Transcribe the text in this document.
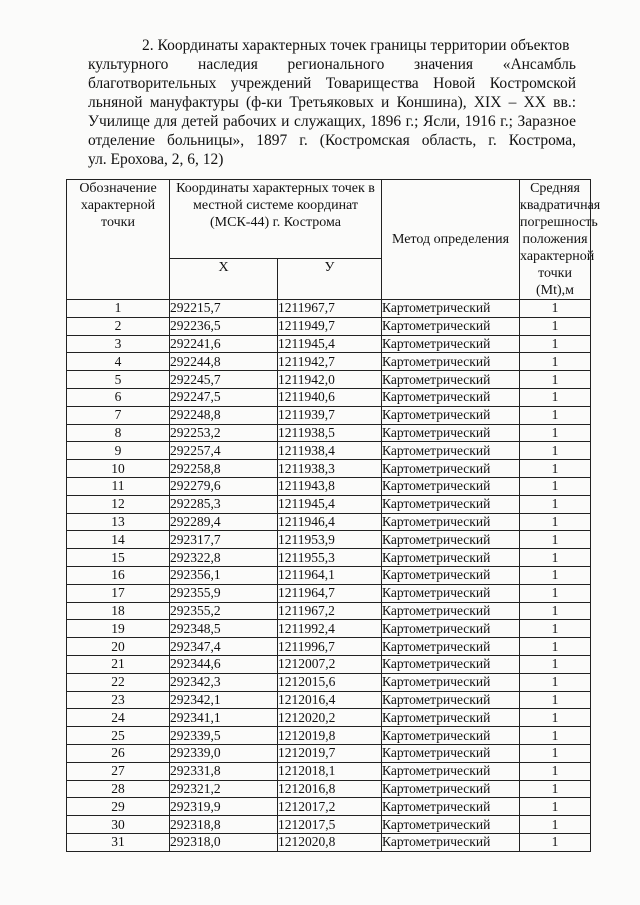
2. Координаты характерных точек границы территории объектов
культурного наследия регионального значения «Ансамбль
благотворительных учреждений Товарищества Новой Костромской
льняной мануфактуры (ф-ки Третьяковых и Коншина), XIX – XX вв.:
Училище для детей рабочих и служащих, 1896 г.; Ясли, 1916 г.; Заразное
отделение больницы», 1897 г. (Костромская область, г. Кострома,
ул. Ерохова, 2, 6, 12)
Обозначение характерной точки	Координаты характерных точек в местной системе координат (МСК-44) г. Кострома		Метод определения	Средняя квадратичная погрешность положения характерной точки (Mt),м
	Х	У		
1	292215,7	1211967,7	Картометрический	1
2	292236,5	1211949,7	Картометрический	1
3	292241,6	1211945,4	Картометрический	1
4	292244,8	1211942,7	Картометрический	1
5	292245,7	1211942,0	Картометрический	1
6	292247,5	1211940,6	Картометрический	1
7	292248,8	1211939,7	Картометрический	1
8	292253,2	1211938,5	Картометрический	1
9	292257,4	1211938,4	Картометрический	1
10	292258,8	1211938,3	Картометрический	1
11	292279,6	1211943,8	Картометрический	1
12	292285,3	1211945,4	Картометрический	1
13	292289,4	1211946,4	Картометрический	1
14	292317,7	1211953,9	Картометрический	1
15	292322,8	1211955,3	Картометрический	1
16	292356,1	1211964,1	Картометрический	1
17	292355,9	1211964,7	Картометрический	1
18	292355,2	1211967,2	Картометрический	1
19	292348,5	1211992,4	Картометрический	1
20	292347,4	1211996,7	Картометрический	1
21	292344,6	1212007,2	Картометрический	1
22	292342,3	1212015,6	Картометрический	1
23	292342,1	1212016,4	Картометрический	1
24	292341,1	1212020,2	Картометрический	1
25	292339,5	1212019,8	Картометрический	1
26	292339,0	1212019,7	Картометрический	1
27	292331,8	1212018,1	Картометрический	1
28	292321,2	1212016,8	Картометрический	1
29	292319,9	1212017,2	Картометрический	1
30	292318,8	1212017,5	Картометрический	1
31	292318,0	1212020,8	Картометрический	1
